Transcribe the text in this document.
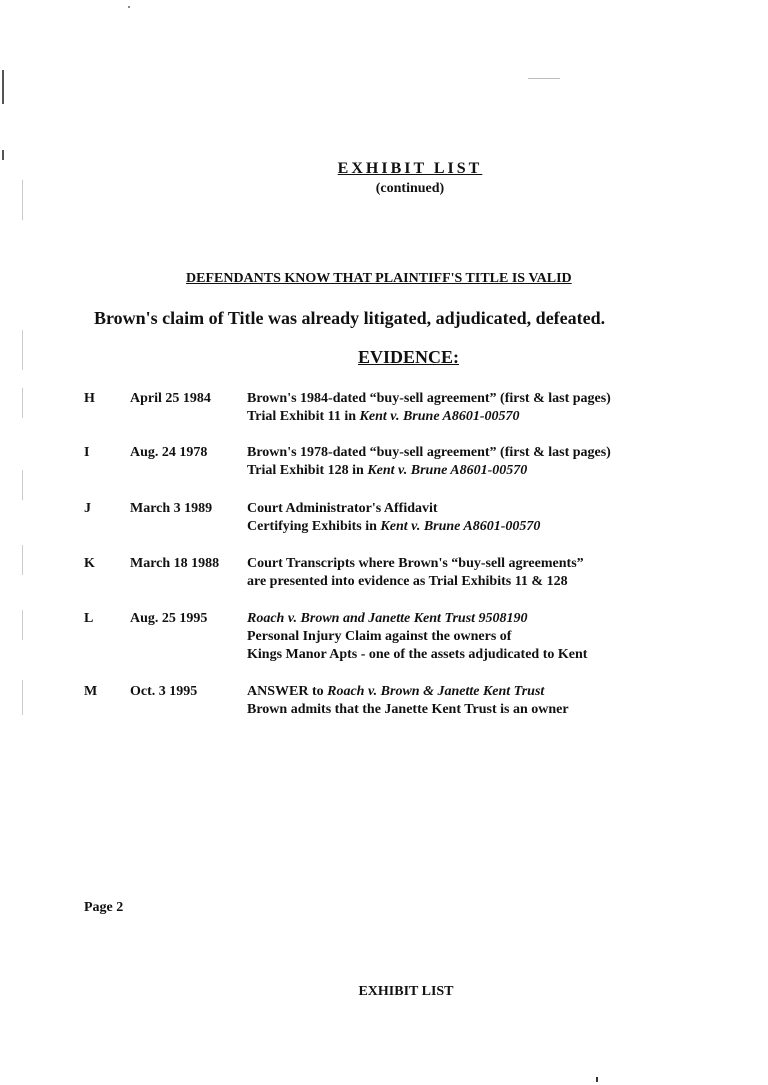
EXHIBIT LIST
(continued)
DEFENDANTS KNOW THAT PLAINTIFF'S TITLE IS VALID
Brown's claim of Title was already litigated, adjudicated, defeated.
EVIDENCE:
H	April 25 1984	Brown's 1984-dated “buy-sell agreement” (first & last pages)
Trial Exhibit 11 in Kent v. Brune A8601-00570
I	Aug. 24 1978	Brown's 1978-dated “buy-sell agreement” (first & last pages)
Trial Exhibit 128 in Kent v. Brune A8601-00570
J	March 3 1989 Court Administrator's Affidavit
Certifying Exhibits in Kent v. Brune A8601-00570
K	March 18 1988 Court Transcripts where Brown's “buy-sell agreements”
are presented into evidence as Trial Exhibits 11 & 128
L	Aug. 25 1995	Roach v. Brown and Janette Kent Trust 9508190
Personal Injury Claim against the owners of
Kings Manor Apts - one of the assets adjudicated to Kent
M Oct. 3 1995	ANSWER to Roach v. Brown & Janette Kent Trust
Brown admits that the Janette Kent Trust is an owner
Page 2
EXHIBIT LIST
